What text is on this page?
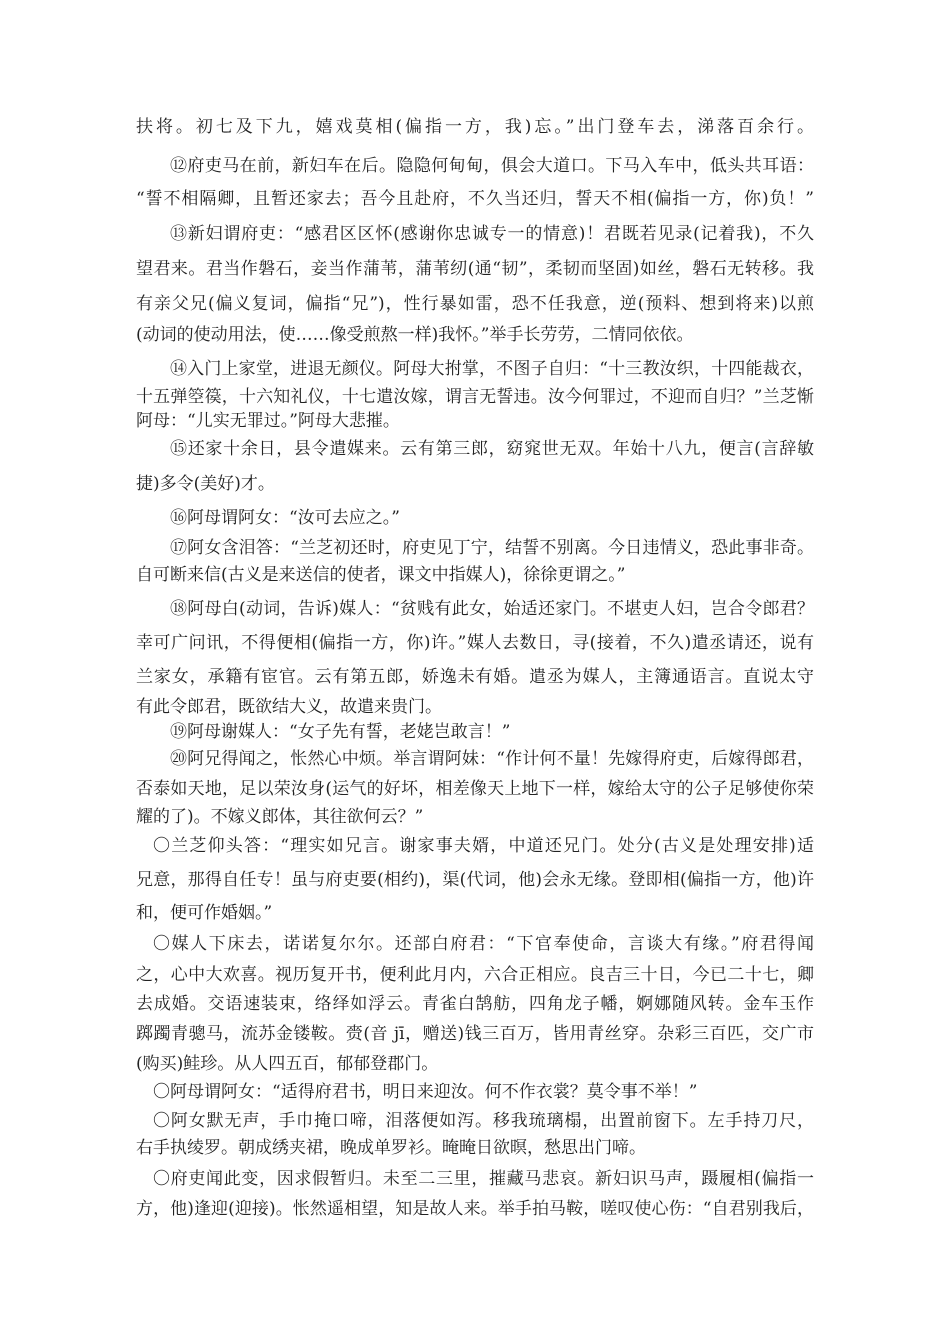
扶将。初七及下九，嬉戏莫相(偏指一方，我)忘。”出门登车去，涕落百余行。
⑫府吏马在前，新妇车在后。隐隐何甸甸，俱会大道口。下马入车中，低头共耳语：
“誓不相隔卿，且暂还家去；吾今且赴府，不久当还归，誓天不相(偏指一方，你)负！”
⑬新妇谓府吏：“感君区区怀(感谢你忠诚专一的情意)！君既若见录(记着我)，不久
望君来。君当作磐石，妾当作蒲苇，蒲苇纫(通“韧”，柔韧而坚固)如丝，磐石无转移。我
有亲父兄(偏义复词，偏指“兄”)，性行暴如雷，恐不任我意，逆(预料、想到将来)以煎
(动词的使动用法，使……像受煎熬一样)我怀。”举手长劳劳，二情同依依。
⑭入门上家堂，进退无颜仪。阿母大拊掌，不图子自归：“十三教汝织，十四能裁衣，
十五弹箜篌，十六知礼仪，十七遣汝嫁，谓言无誓违。汝今何罪过，不迎而自归？”兰芝惭
阿母：“儿实无罪过。”阿母大悲摧。
⑮还家十余日，县令遣媒来。云有第三郎，窈窕世无双。年始十八九，便言(言辞敏
捷)多令(美好)才。
⑯阿母谓阿女：“汝可去应之。”
⑰阿女含泪答：“兰芝初还时，府吏见丁宁，结誓不别离。今日违情义，恐此事非奇。
自可断来信(古义是来送信的使者，课文中指媒人)，徐徐更谓之。”
⑱阿母白(动词，告诉)媒人：“贫贱有此女，始适还家门。不堪吏人妇，岂合令郎君？
幸可广问讯，不得便相(偏指一方，你)许。”媒人去数日，寻(接着，不久)遣丞请还，说有
兰家女，承籍有宦官。云有第五郎，娇逸未有婚。遣丞为媒人，主簿通语言。直说太守
有此令郎君，既欲结大义，故遣来贵门。
⑲阿母谢媒人：“女子先有誓，老姥岂敢言！”
⑳阿兄得闻之，怅然心中烦。举言谓阿妹：“作计何不量！先嫁得府吏，后嫁得郎君，
否泰如天地，足以荣汝身(运气的好坏，相差像天上地下一样，嫁给太守的公子足够使你荣
耀的了)。不嫁义郎体，其往欲何云？”
〇兰芝仰头答：“理实如兄言。谢家事夫婿，中道还兄门。处分(古义是处理安排)适
兄意，那得自任专！虽与府吏要(相约)，渠(代词，他)会永无缘。登即相(偏指一方，他)许
和，便可作婚姻。”
〇媒人下床去，诺诺复尔尔。还部白府君：“下官奉使命，言谈大有缘。”府君得闻
之，心中大欢喜。视历复开书，便利此月内，六合正相应。良吉三十日，今已二十七，卿
去成婚。交语速装束，络绎如浮云。青雀白鹄舫，四角龙子幡，婀娜随风转。金车玉作
踯躅青骢马，流苏金镂鞍。赍(音 jī，赠送)钱三百万，皆用青丝穿。杂彩三百匹，交广市
(购买)鲑珍。从人四五百，郁郁登郡门。
〇阿母谓阿女：“适得府君书，明日来迎汝。何不作衣裳？莫令事不举！”
〇阿女默无声，手巾掩口啼，泪落便如泻。移我琉璃榻，出置前窗下。左手持刀尺，
右手执绫罗。朝成绣夹裙，晚成单罗衫。晻晻日欲暝，愁思出门啼。
〇府吏闻此变，因求假暂归。未至二三里，摧藏马悲哀。新妇识马声，蹑履相(偏指一
方，他)逢迎(迎接)。怅然遥相望，知是故人来。举手拍马鞍，嗟叹使心伤：“自君别我后，
